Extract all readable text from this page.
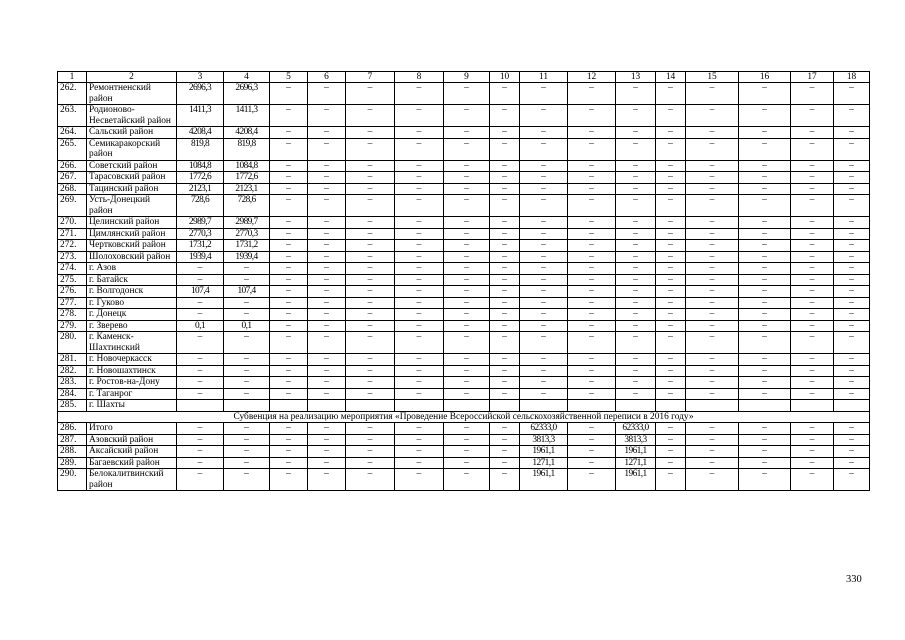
1	2	3	4	5	6	7	8	9	10	11	12	13	14	15	16	17	18
262.	Ремонтненский район	2696,3	2696,3	–	–	–	–	–	–	–	–	–	–	–	–	–	–
263.	Родионово-Несветайский район	1411,3	1411,3	–	–	–	–	–	–	–	–	–	–	–	–	–	–
264.	Сальский район	4208,4	4208,4	–	–	–	–	–	–	–	–	–	–	–	–	–	–
265.	Семикаракорский район	819,8	819,8	–	–	–	–	–	–	–	–	–	–	–	–	–	–
266.	Советский район	1084,8	1084,8	–	–	–	–	–	–	–	–	–	–	–	–	–	–
267.	Тарасовский район	1772,6	1772,6	–	–	–	–	–	–	–	–	–	–	–	–	–	–
268.	Тацинский район	2123,1	2123,1	–	–	–	–	–	–	–	–	–	–	–	–	–	–
269.	Усть-Донецкий район	728,6	728,6	–	–	–	–	–	–	–	–	–	–	–	–	–	–
270.	Целинский район	2989,7	2989,7	–	–	–	–	–	–	–	–	–	–	–	–	–	–
271.	Цимлянский район	2770,3	2770,3	–	–	–	–	–	–	–	–	–	–	–	–	–	–
272.	Чертковский район	1731,2	1731,2	–	–	–	–	–	–	–	–	–	–	–	–	–	–
273.	Шолоховский район	1939,4	1939,4	–	–	–	–	–	–	–	–	–	–	–	–	–	–
274.	г. Азов	–	–	–	–	–	–	–	–	–	–	–	–	–	–	–	–
275.	г. Батайск	–	–	–	–	–	–	–	–	–	–	–	–	–	–	–	–
276.	г. Волгодонск	107,4	107,4	–	–	–	–	–	–	–	–	–	–	–	–	–	–
277.	г. Гуково	–	–	–	–	–	–	–	–	–	–	–	–	–	–	–	–
278.	г. Донецк	–	–	–	–	–	–	–	–	–	–	–	–	–	–	–	–
279.	г. Зверево	0,1	0,1	–	–	–	–	–	–	–	–	–	–	–	–	–	–
280.	г. Каменск-Шахтинский	–	–	–	–	–	–	–	–	–	–	–	–	–	–	–	–
281.	г. Новочеркасск	–	–	–	–	–	–	–	–	–	–	–	–	–	–	–	–
282.	г. Новошахтинск	–	–	–	–	–	–	–	–	–	–	–	–	–	–	–	–
283.	г. Ростов-на-Дону	–	–	–	–	–	–	–	–	–	–	–	–	–	–	–	–
284.	г. Таганрог	–	–	–	–	–	–	–	–	–	–	–	–	–	–	–	–
285.	г. Шахты																
Субвенция на реализацию мероприятия «Проведение Всероссийской сельскохозяйственной переписи в 2016 году»																	
286.	Итого	–	–	–	–	–	–	–	–	62333,0	–	62333,0	–	–	–	–	–
287.	Азовский район	–	–	–	–	–	–	–	–	3813,3	–	3813,3	–	–	–	–	–
288.	Аксайский район	–	–	–	–	–	–	–	–	1961,1	–	1961,1	–	–	–	–	–
289.	Багаевский район	–	–	–	–	–	–	–	–	1271,1	–	1271,1	–	–	–	–	–
290.	Белокалитвинский район	–	–	–	–	–	–	–	–	1961,1	–	1961,1	–	–	–	–	–
330
